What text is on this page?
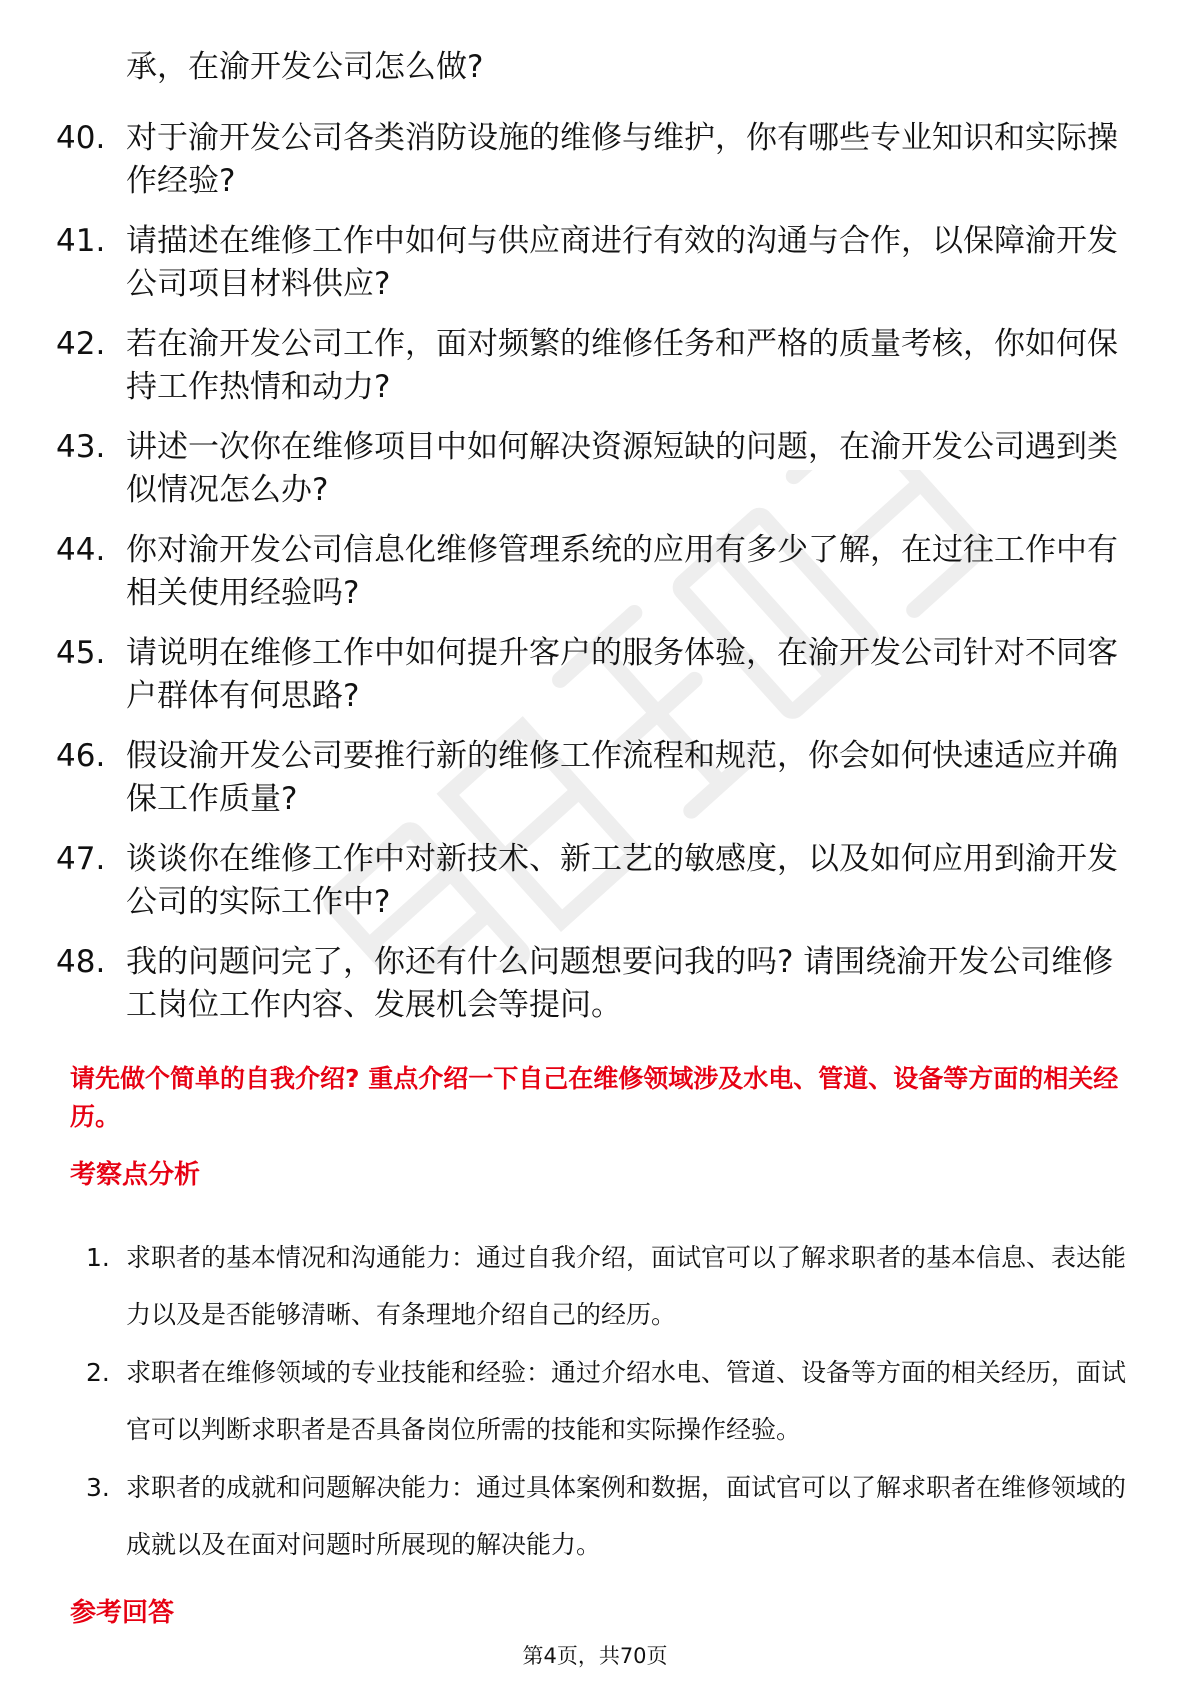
承，在渝开发公司怎么做?

40. 对于渝开发公司各类消防设施的维修与维护，你有哪些专业知识和实际操作经验?
41. 请描述在维修工作中如何与供应商进行有效的沟通与合作，以保障渝开发公司项目材料供应?
42. 若在渝开发公司工作，面对频繁的维修任务和严格的质量考核，你如何保持工作热情和动力?
43. 讲述一次你在维修项目中如何解决资源短缺的问题，在渝开发公司遇到类似情况怎么办?
44. 你对渝开发公司信息化维修管理系统的应用有多少了解，在过往工作中有相关使用经验吗?
45. 请说明在维修工作中如何提升客户的服务体验，在渝开发公司针对不同客户群体有何思路?
46. 假设渝开发公司要推行新的维修工作流程和规范，你会如何快速适应并确保工作质量?
47. 谈谈你在维修工作中对新技术、新工艺的敏感度，以及如何应用到渝开发公司的实际工作中?
48. 我的问题问完了，你还有什么问题想要问我的吗? 请围绕渝开发公司维修工岗位工作内容、发展机会等提问。

请先做个简单的自我介绍? 重点介绍一下自己在维修领域涉及水电、管道、设备等方面的相关经历。

考察点分析
1. 求职者的基本情况和沟通能力：通过自我介绍，面试官可以了解求职者的基本信息、表达能力以及是否能够清晰、有条理地介绍自己的经历。
2. 求职者在维修领域的专业技能和经验：通过介绍水电、管道、设备等方面的相关经历，面试官可以判断求职者是否具备岗位所需的技能和实际操作经验。
3. 求职者的成就和问题解决能力：通过具体案例和数据，面试官可以了解求职者在维修领域的成就以及在面对问题时所展现的解决能力。
参考回答
第4页，共70页
